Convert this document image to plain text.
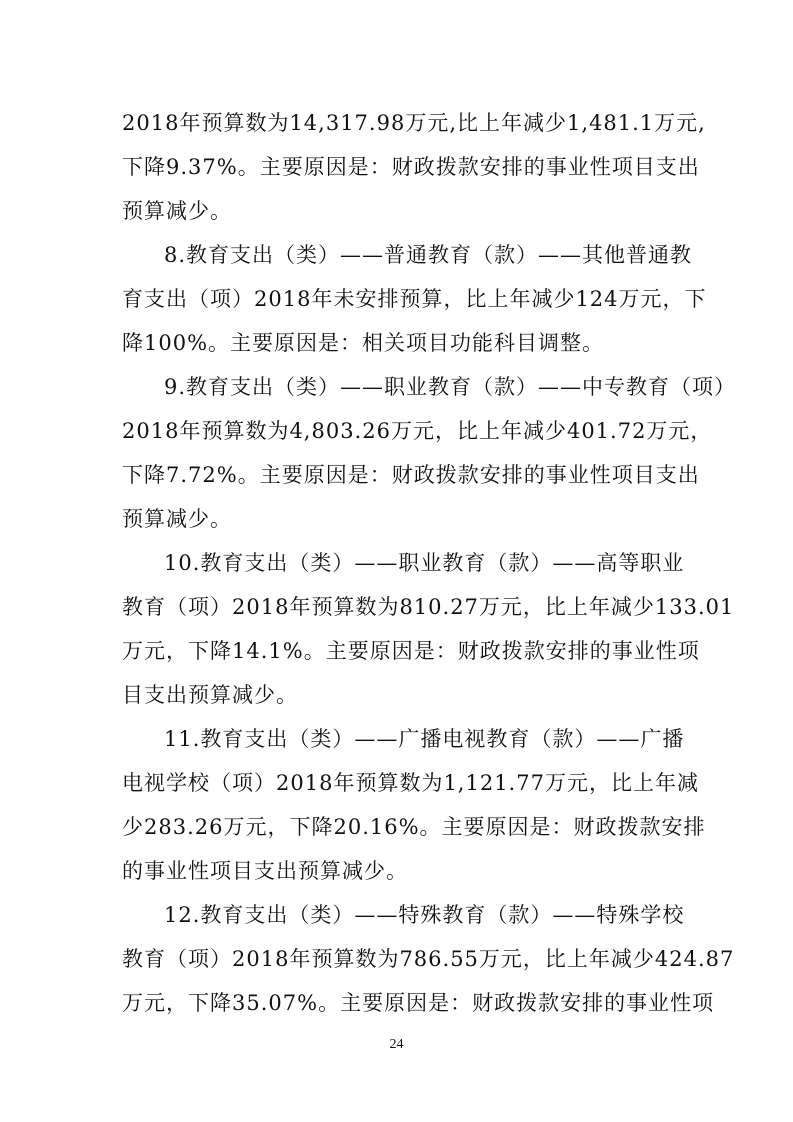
2018年预算数为14,317.98万元,比上年减少1,481.1万元,
下降9.37%。主要原因是：财政拨款安排的事业性项目支出
预算减少。
8.教育支出（类）——普通教育（款）——其他普通教
育支出（项）2018年未安排预算，比上年减少124万元，下
降100%。主要原因是：相关项目功能科目调整。
9.教育支出（类）——职业教育（款）——中专教育（项）
2018年预算数为4,803.26万元，比上年减少401.72万元，
下降7.72%。主要原因是：财政拨款安排的事业性项目支出
预算减少。
10.教育支出（类）——职业教育（款）——高等职业
教育（项）2018年预算数为810.27万元，比上年减少133.01
万元，下降14.1%。主要原因是：财政拨款安排的事业性项
目支出预算减少。
11.教育支出（类）——广播电视教育（款）——广播
电视学校（项）2018年预算数为1,121.77万元，比上年减
少283.26万元，下降20.16%。主要原因是：财政拨款安排
的事业性项目支出预算减少。
12.教育支出（类）——特殊教育（款）——特殊学校
教育（项）2018年预算数为786.55万元，比上年减少424.87
万元，下降35.07%。主要原因是：财政拨款安排的事业性项
24
